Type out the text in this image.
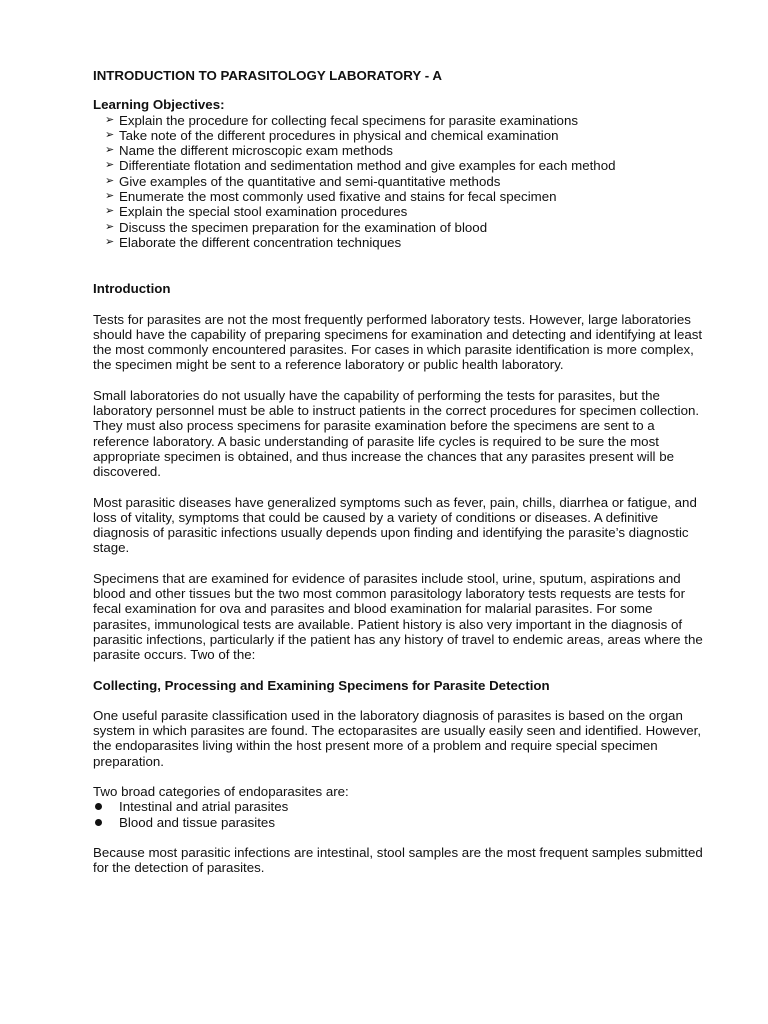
INTRODUCTION TO PARASITOLOGY LABORATORY - A
Learning Objectives:
➢ Explain the procedure for collecting fecal specimens for parasite examinations
➢ Take note of the different procedures in physical and chemical examination
➢ Name the different microscopic exam methods
➢ Differentiate flotation and sedimentation method and give examples for each method
➢ Give examples of the quantitative and semi-quantitative methods
➢ Enumerate the most commonly used fixative and stains for fecal specimen
➢ Explain the special stool examination procedures
➢ Discuss the specimen preparation for the examination of blood
➢ Elaborate the different concentration techniques
Introduction

Tests for parasites are not the most frequently performed laboratory tests. However, large laboratories should have the capability of preparing specimens for examination and detecting and identifying at least the most commonly encountered parasites. For cases in which parasite identification is more complex, the specimen might be sent to a reference laboratory or public health laboratory.

Small laboratories do not usually have the capability of performing the tests for parasites, but the laboratory personnel must be able to instruct patients in the correct procedures for specimen collection. They must also process specimens for parasite examination before the specimens are sent to a reference laboratory. A basic understanding of parasite life cycles is required to be sure the most appropriate specimen is obtained, and thus increase the chances that any parasites present will be discovered.

Most parasitic diseases have generalized symptoms such as fever, pain, chills, diarrhea or fatigue, and loss of vitality, symptoms that could be caused by a variety of conditions or diseases. A definitive diagnosis of parasitic infections usually depends upon finding and identifying the parasite’s diagnostic stage.

Specimens that are examined for evidence of parasites include stool, urine, sputum, aspirations and blood and other tissues but the two most common parasitology laboratory tests requests are tests for fecal examination for ova and parasites and blood examination for malarial parasites. For some parasites, immunological tests are available. Patient history is also very important in the diagnosis of parasitic infections, particularly if the patient has any history of travel to endemic areas, areas where the parasite occurs. Two of the:

Collecting, Processing and Examining Specimens for Parasite Detection

One useful parasite classification used in the laboratory diagnosis of parasites is based on the organ system in which parasites are found. The ectoparasites are usually easily seen and identified. However, the endoparasites living within the host present more of a problem and require special specimen preparation.

Two broad categories of endoparasites are:

Intestinal and atrial parasites
Blood and tissue parasites

Because most parasitic infections are intestinal, stool samples are the most frequent samples submitted for the detection of parasites.
